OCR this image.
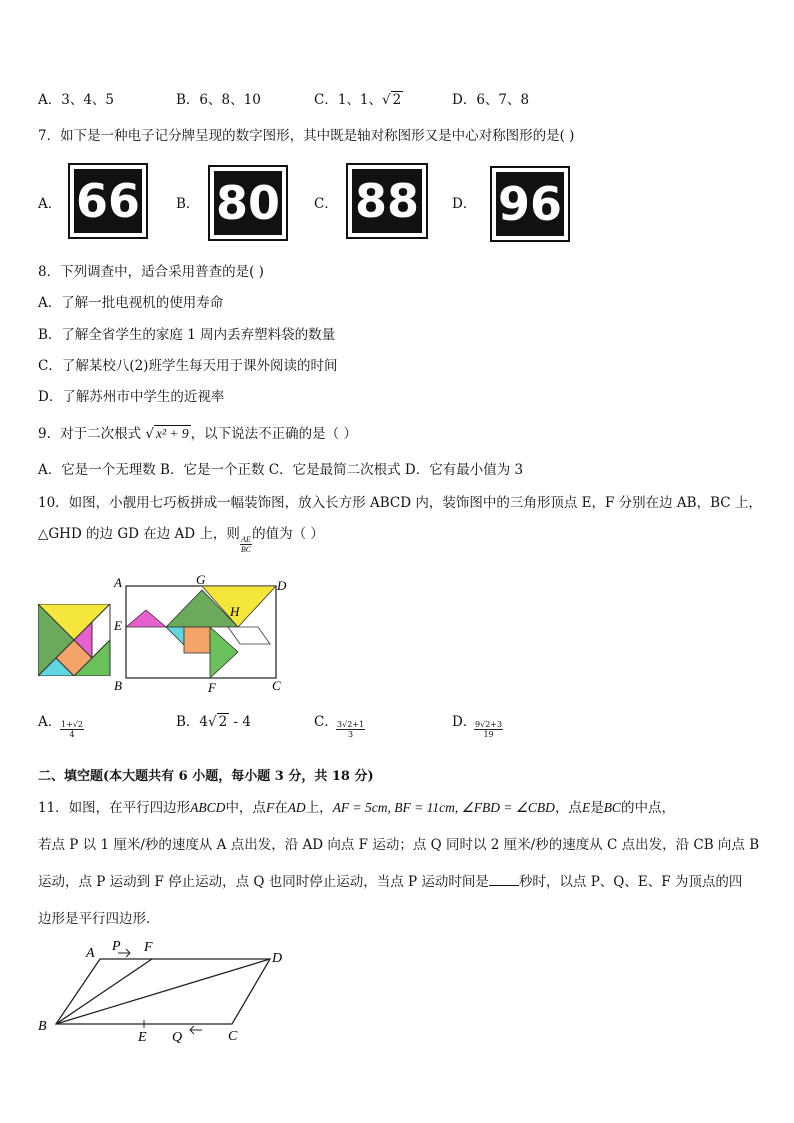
A．3、4、5	B．6、8、10	C．1、1、√ 2	D．6、7、8
7．如下是一种电子记分牌呈现的数字图形，其中既是轴对称图形又是中心对称图形的是( )
A． 66	B． 80	C． 88 D． 96
8．下列调查中，适合采用普查的是( )
A．了解一批电视机的使用寿命
B．了解全省学生的家庭 1 周内丢弃塑料袋的数量
C．了解某校八(2)班学生每天用于课外阅读的时间
D．了解苏州市中学生的近视率
9．对于二次根式 √ x² + 9 ，以下说法不正确的是（ ）
A．它是一个无理数 B．它是一个正数 C．它是最简二次根式 D．它有最小值为 3
10．如图，小靓用七巧板拼成一幅装饰图，放入长方形 ABCD 内，装饰图中的三角形顶点 E，F 分别在边 AB，BC 上，
△GHD 的边 GD 在边 AD 上，则
$\frac{AE}{BC}$
的值为（ ）
A
B	C
D
E
F
G
H
A．
$\frac{1+√2}{4}$	B．4√ 2 - 4	C．
$\frac{3√2+1}{3}$	D．
$\frac{9√2+3}{19}$
二、填空题(本大题共有 6 小题，每小题 3 分，共 18 分)
11．如图，在平行四边形ABCD中，点F在AD上，AF = 5cm, BF = 11cm, ∠FBD = ∠CBD，点E是BC的中点，
若点 P 以 1 厘米/秒的速度从 A 点出发，沿 AD 向点 F 运动；点 Q 同时以 2 厘米/秒的速度从 C 点出发，沿 CB 向点 B
运动，点 P 运动到 F 停止运动，点 Q 也同时停止运动，当点 P 运动时间是 秒时，以点 P、Q、E、F 为顶点的四
边形是平行四边形．
A P F
D
B
E Q	C
